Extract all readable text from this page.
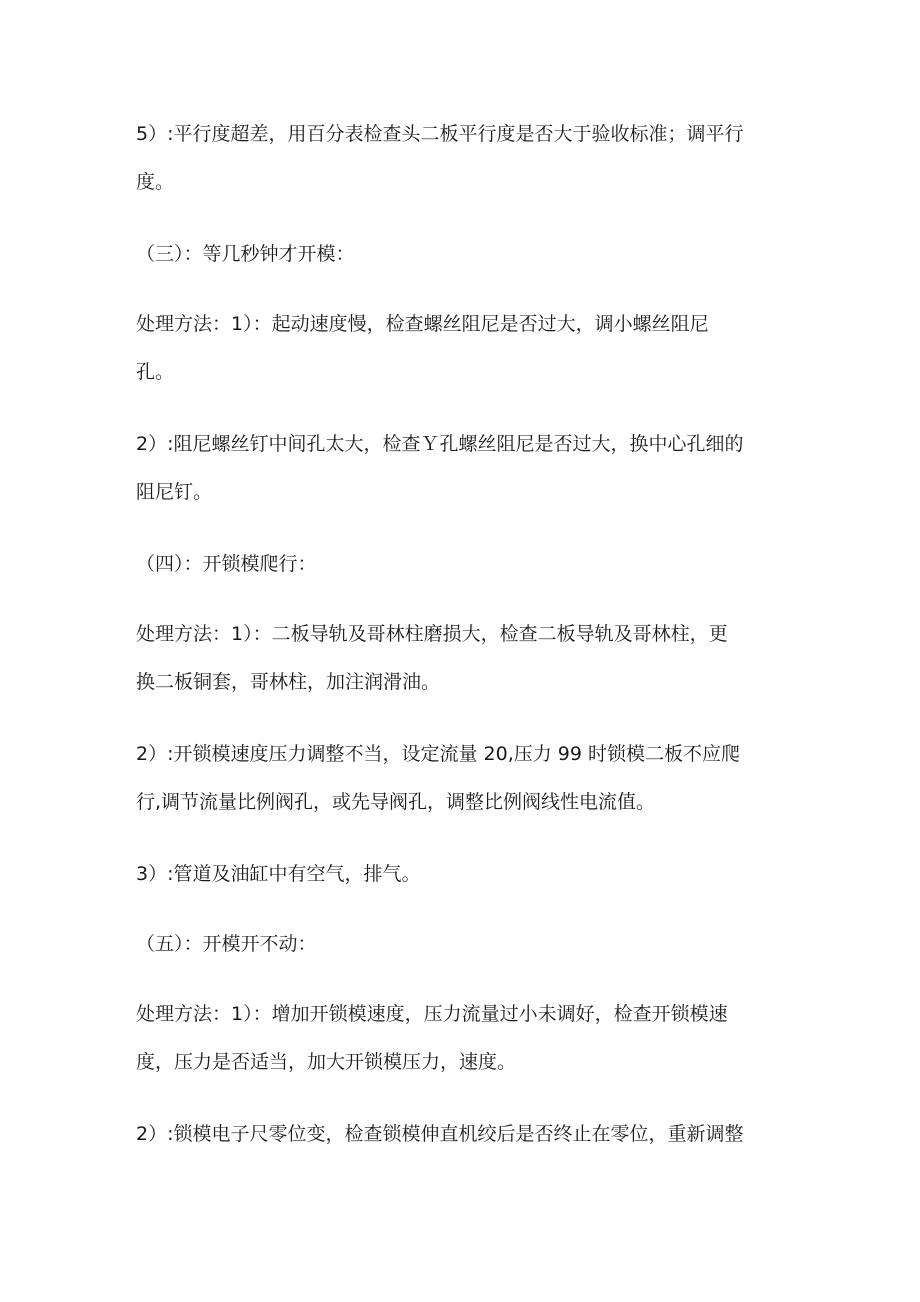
5）:平行度超差，用百分表检查头二板平行度是否大于验收标准；调平行
度。

（三）：等几秒钟才开模：

处理方法：1）：起动速度慢，检查螺丝阻尼是否过大，调小螺丝阻尼
孔。

2）:阻尼螺丝钉中间孔太大，检查Ｙ孔螺丝阻尼是否过大，换中心孔细的
阻尼钉。

（四）：开锁模爬行：

处理方法：1）：二板导轨及哥林柱磨损大，检查二板导轨及哥林柱，更
换二板铜套，哥林柱，加注润滑油。

2）:开锁模速度压力调整不当，设定流量 20,压力 99 时锁模二板不应爬
行,调节流量比例阀孔，或先导阀孔，调整比例阀线性电流值。

3）:管道及油缸中有空气，排气。

（五）：开模开不动：

处理方法：1）：增加开锁模速度，压力流量过小未调好，检查开锁模速
度，压力是否适当，加大开锁模压力，速度。

2）:锁模电子尺零位变，检查锁模伸直机绞后是否终止在零位，重新调整
